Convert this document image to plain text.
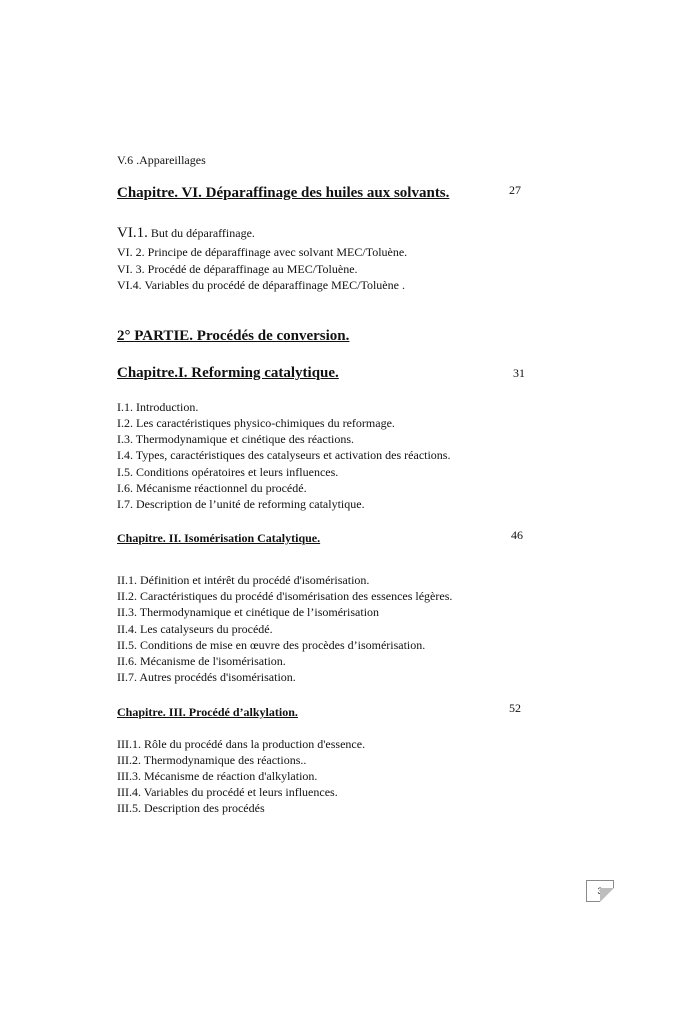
V.6 .Appareillages
Chapitre. VI. Déparaffinage des huiles aux solvants.	27
VI.1. But du déparaffinage.
VI. 2. Principe de déparaffinage avec solvant MEC/Toluène.
VI. 3. Procédé de déparaffinage au MEC/Toluène.
VI.4. Variables du procédé de déparaffinage MEC/Toluène .
2° PARTIE. Procédés de conversion.
Chapitre.I. Reforming catalytique.	31
I.1. Introduction.
I.2. Les caractéristiques physico-chimiques du reformage.
I.3. Thermodynamique et cinétique des réactions.
I.4. Types, caractéristiques des catalyseurs et activation des réactions.
I.5. Conditions opératoires et leurs influences.
I.6. Mécanisme réactionnel du procédé.
I.7. Description de l’unité de reforming catalytique.
Chapitre. II. Isomérisation Catalytique.	46
II.1. Définition et intérêt du procédé d'isomérisation.
II.2. Caractéristiques du procédé d'isomérisation des essences légères.
II.3. Thermodynamique et cinétique de l’isomérisation
II.4. Les catalyseurs du procédé.
II.5. Conditions de mise en œuvre des procèdes d’isomérisation.
II.6. Mécanisme de l'isomérisation.
II.7. Autres procédés d'isomérisation.
Chapitre. III. Procédé d’alkylation.	52
III.1. Rôle du procédé dans la production d'essence.
III.2. Thermodynamique des réactions..
III.3. Mécanisme de réaction d'alkylation.
III.4. Variables du procédé et leurs influences.
III.5. Description des procédés
3
